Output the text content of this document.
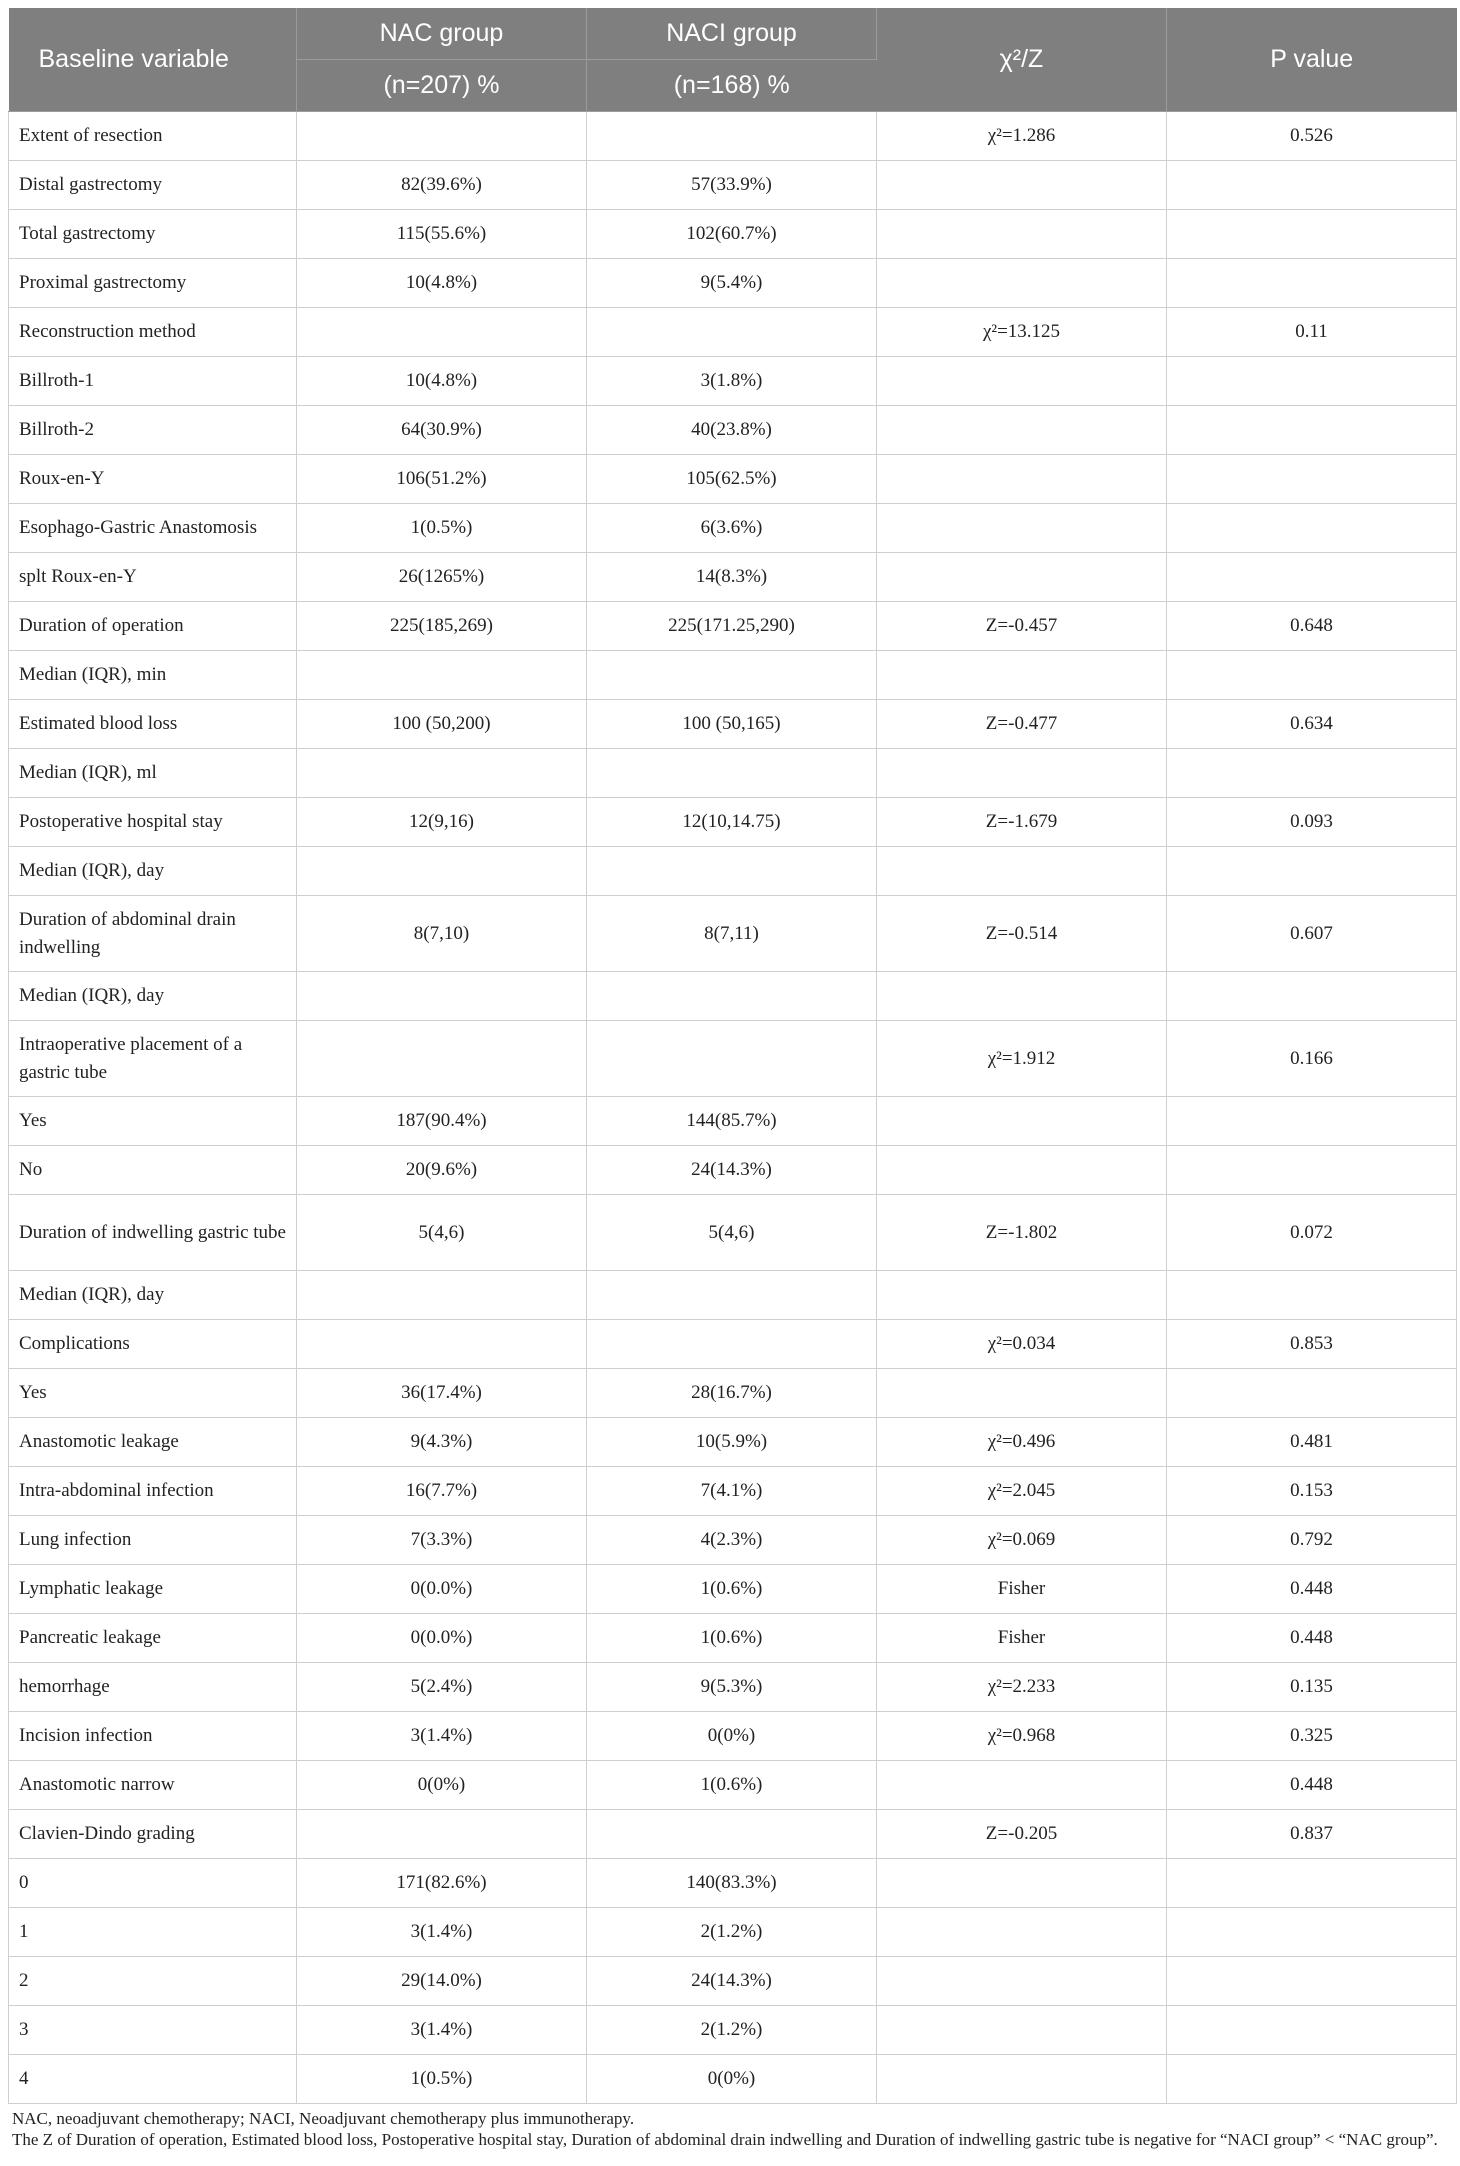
Baseline variable	NAC group	NACI group	χ²/Z	P value
	(n=207) %	(n=168) %		
Extent of resection			χ²=1.286	0.526
Distal gastrectomy	82(39.6%)	57(33.9%)		
Total gastrectomy	115(55.6%)	102(60.7%)		
Proximal gastrectomy	10(4.8%)	9(5.4%)		
Reconstruction method			χ²=13.125	0.11
Billroth-1	10(4.8%)	3(1.8%)		
Billroth-2	64(30.9%)	40(23.8%)		
Roux-en-Y	106(51.2%)	105(62.5%)		
Esophago-Gastric Anastomosis	1(0.5%)	6(3.6%)		
splt Roux-en-Y	26(1265%)	14(8.3%)		
Duration of operation	225(185,269)	225(171.25,290)	Z=-0.457	0.648
Median (IQR), min				
Estimated blood loss	100 (50,200)	100 (50,165)	Z=-0.477	0.634
Median (IQR), ml				
Postoperative hospital stay	12(9,16)	12(10,14.75)	Z=-1.679	0.093
Median (IQR), day				
Duration of abdominal drain indwelling	8(7,10)	8(7,11)	Z=-0.514	0.607
Median (IQR), day				
Intraoperative placement of a gastric tube			χ²=1.912	0.166
Yes	187(90.4%)	144(85.7%)		
No	20(9.6%)	24(14.3%)		
Duration of indwelling gastric tube	5(4,6)	5(4,6)	Z=-1.802	0.072
Median (IQR), day				
Complications			χ²=0.034	0.853
Yes	36(17.4%)	28(16.7%)		
Anastomotic leakage	9(4.3%)	10(5.9%)	χ²=0.496	0.481
Intra-abdominal infection	16(7.7%)	7(4.1%)	χ²=2.045	0.153
Lung infection	7(3.3%)	4(2.3%)	χ²=0.069	0.792
Lymphatic leakage	0(0.0%)	1(0.6%)	Fisher	0.448
Pancreatic leakage	0(0.0%)	1(0.6%)	Fisher	0.448
hemorrhage	5(2.4%)	9(5.3%)	χ²=2.233	0.135
Incision infection	3(1.4%)	0(0%)	χ²=0.968	0.325
Anastomotic narrow	0(0%)	1(0.6%)		0.448
Clavien-Dindo grading			Z=-0.205	0.837
0	171(82.6%)	140(83.3%)		
1	3(1.4%)	2(1.2%)		
2	29(14.0%)	24(14.3%)		
3	3(1.4%)	2(1.2%)		
4	1(0.5%)	0(0%)		

NAC, neoadjuvant chemotherapy; NACI, Neoadjuvant chemotherapy plus immunotherapy.

The Z of Duration of operation, Estimated blood loss, Postoperative hospital stay, Duration of abdominal drain indwelling and Duration of indwelling gastric tube is negative for “NACI group” < “NAC group”.
